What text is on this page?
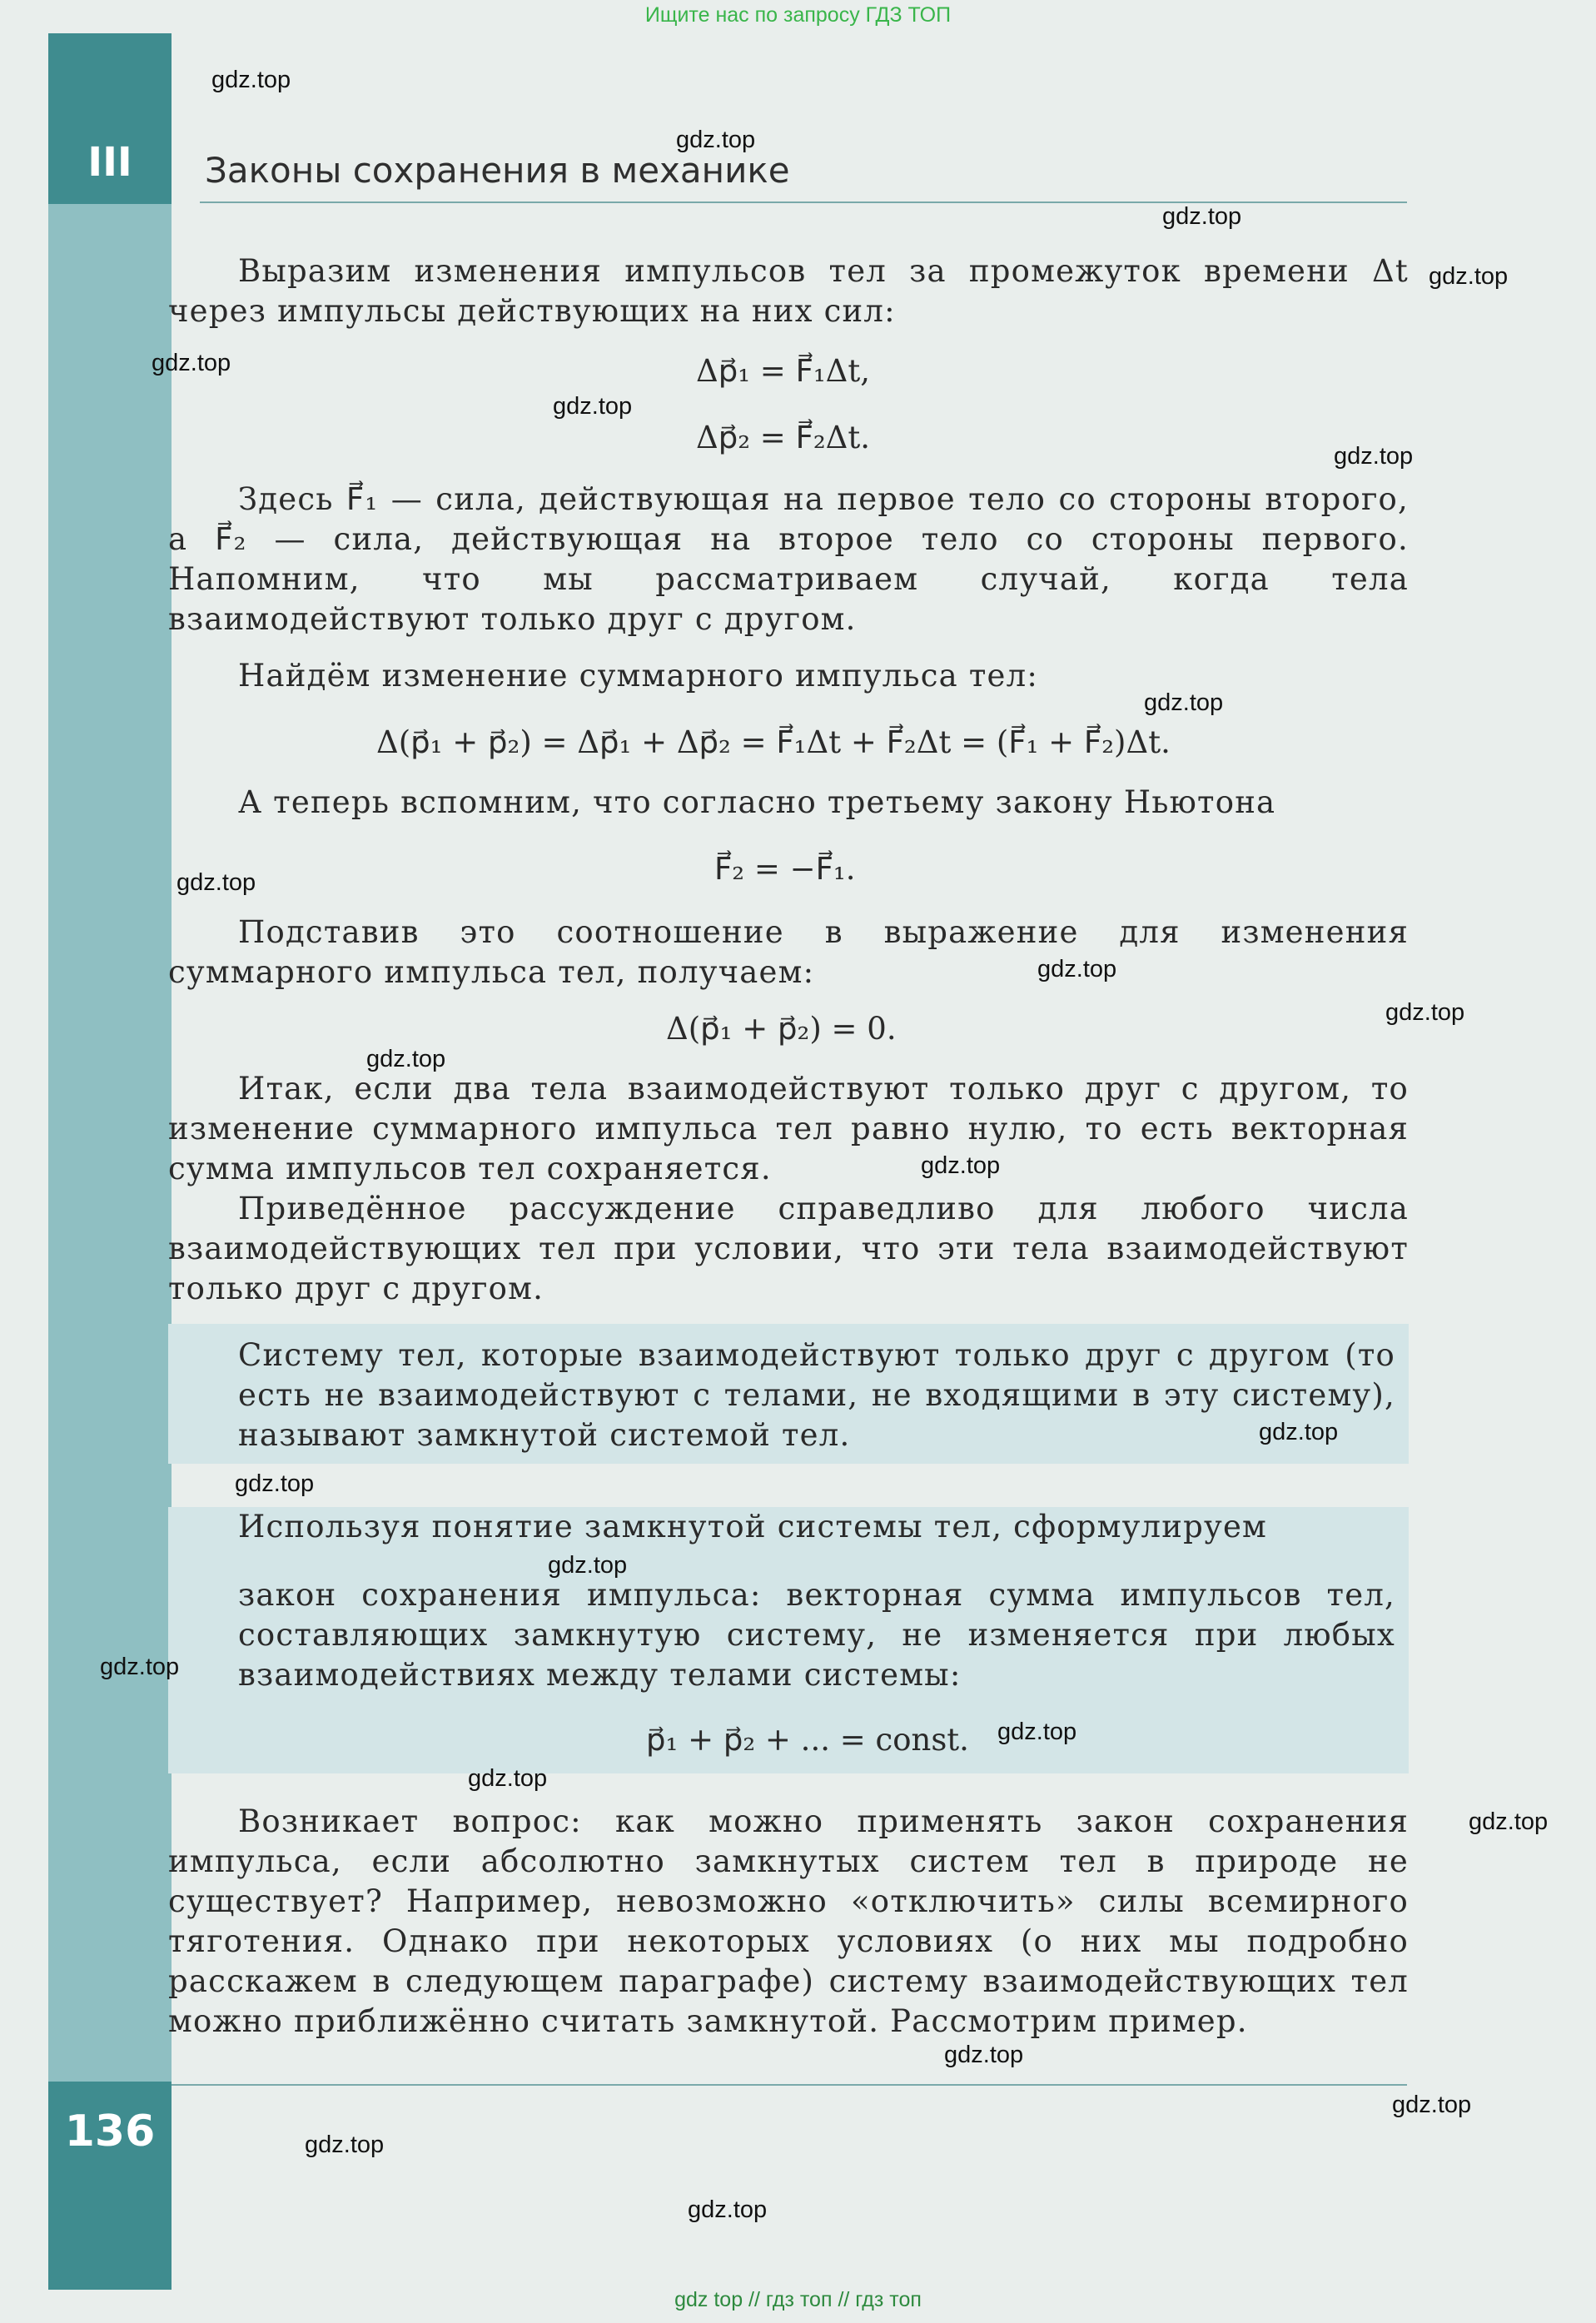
Ищите нас по запросу ГДЗ ТОП
III	Законы сохранения в механике

Выразим изменения импульсов тел за промежуток времени Δt через импульсы действующих на них сил:

Δp⃗₁ = F⃗₁Δt,
Δp⃗₂ = F⃗₂Δt.

Здесь F⃗₁ — сила, действующая на первое тело со стороны второго, а F⃗₂ — сила, действующая на второе тело со стороны первого. Напомним, что мы рассматриваем случай, когда тела взаимодействуют только друг с другом.

Найдём изменение суммарного импульса тел:

Δ(p⃗₁ + p⃗₂) = Δp⃗₁ + Δp⃗₂ = F⃗₁Δt + F⃗₂Δt = (F⃗₁ + F⃗₂)Δt.

А теперь вспомним, что согласно третьему закону Ньютона

F⃗₂ = −F⃗₁.

Подставив это соотношение в выражение для изменения суммарного импульса тел, получаем:

Δ(p⃗₁ + p⃗₂) = 0.

Итак, если два тела взаимодействуют только друг с другом, то изменение суммарного импульса тел равно нулю, то есть векторная сумма импульсов тел сохраняется.

Приведённое рассуждение справедливо для любого числа взаимодействующих тел при условии, что эти тела взаимодействуют только друг с другом.

Систему тел, которые взаимодействуют только друг с другом (то есть не взаимодействуют с телами, не входящими в эту систему), называют замкнутой системой тел.

Используя понятие замкнутой системы тел, сформулируем

закон сохранения импульса: векторная сумма импульсов тел, составляющих замкнутую систему, не изменяется при любых взаимодействиях между телами системы:

p⃗₁ + p⃗₂ + ... = const.

Возникает вопрос: как можно применять закон сохранения импульса, если абсолютно замкнутых систем тел в природе не существует? Например, невозможно «отключить» силы всемирного тяготения. Однако при некоторых условиях (о них мы подробно расскажем в следующем параграфе) систему взаимодействующих тел можно приближённо считать замкнутой. Рассмотрим пример.

136
gdz.top
gdz.top
gdz.top
gdz.top
gdz.top
gdz.top
gdz.top
gdz.top
gdz.top
gdz.top
gdz.top
gdz.top
gdz.top
gdz.top
gdz.top
gdz.top
gdz.top
gdz.top
gdz.top
gdz.top
gdz.top
gdz.top
gdz.top
gdz.top
gdz top // гдз топ // гдз топ
